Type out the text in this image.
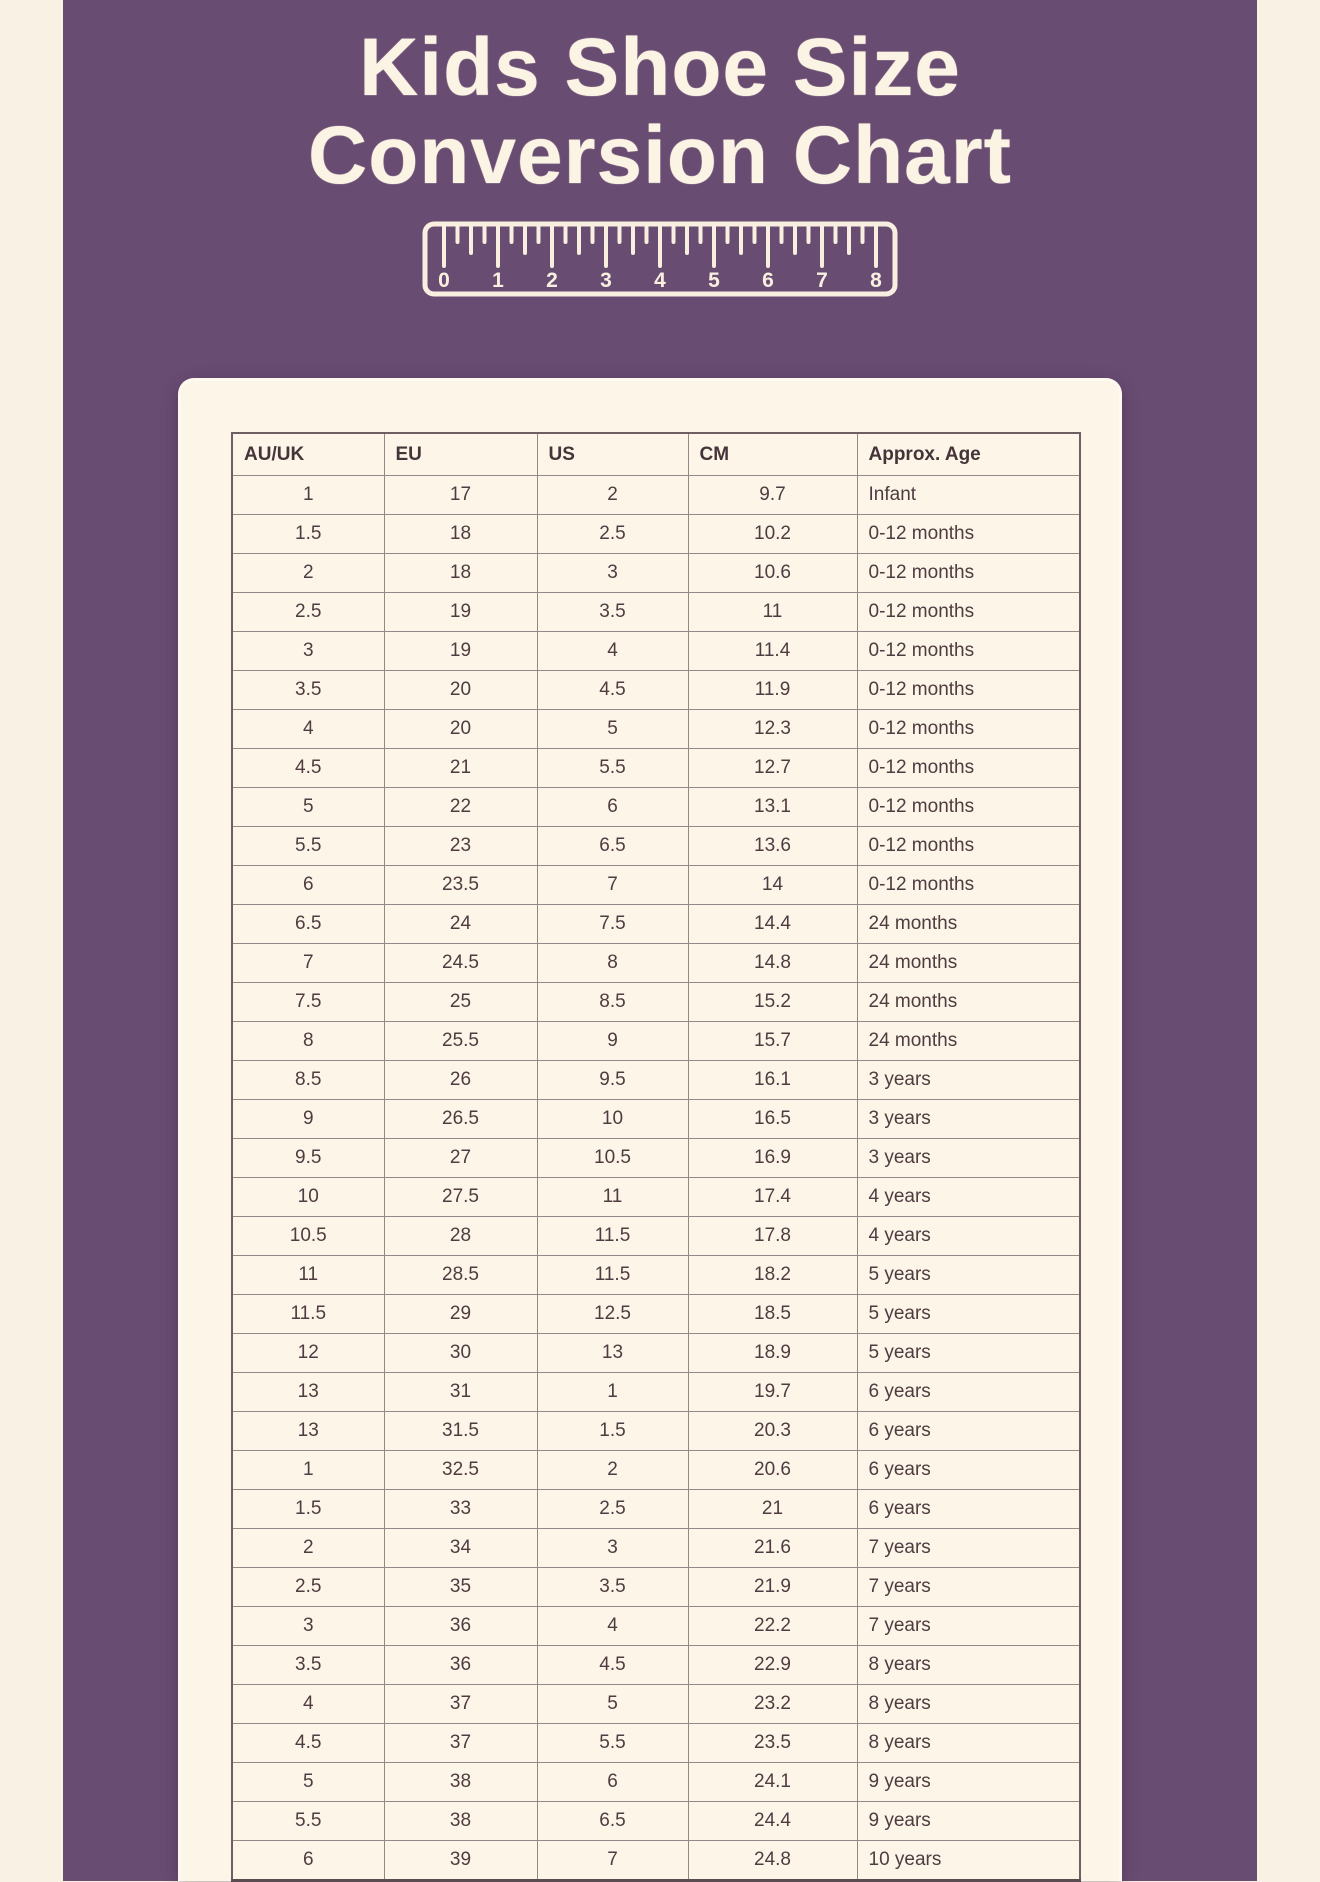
Kids Shoe Size
Conversion Chart
0 1 2 3 4 5 6 7 8
AU/UK	EU	US	CM	Approx. Age
1	17	2	9.7	Infant
1.5	18	2.5	10.2	0-12 months
2	18	3	10.6	0-12 months
2.5	19	3.5	11	0-12 months
3	19	4	11.4	0-12 months
3.5	20	4.5	11.9	0-12 months
4	20	5	12.3	0-12 months
4.5	21	5.5	12.7	0-12 months
5	22	6	13.1	0-12 months
5.5	23	6.5	13.6	0-12 months
6	23.5	7	14	0-12 months
6.5	24	7.5	14.4	24 months
7	24.5	8	14.8	24 months
7.5	25	8.5	15.2	24 months
8	25.5	9	15.7	24 months
8.5	26	9.5	16.1	3 years
9	26.5	10	16.5	3 years
9.5	27	10.5	16.9	3 years
10	27.5	11	17.4	4 years
10.5	28	11.5	17.8	4 years
11	28.5	11.5	18.2	5 years
11.5	29	12.5	18.5	5 years
12	30	13	18.9	5 years
13	31	1	19.7	6 years
13	31.5	1.5	20.3	6 years
1	32.5	2	20.6	6 years
1.5	33	2.5	21	6 years
2	34	3	21.6	7 years
2.5	35	3.5	21.9	7 years
3	36	4	22.2	7 years
3.5	36	4.5	22.9	8 years
4	37	5	23.2	8 years
4.5	37	5.5	23.5	8 years
5	38	6	24.1	9 years
5.5	38	6.5	24.4	9 years
6	39	7	24.8	10 years
